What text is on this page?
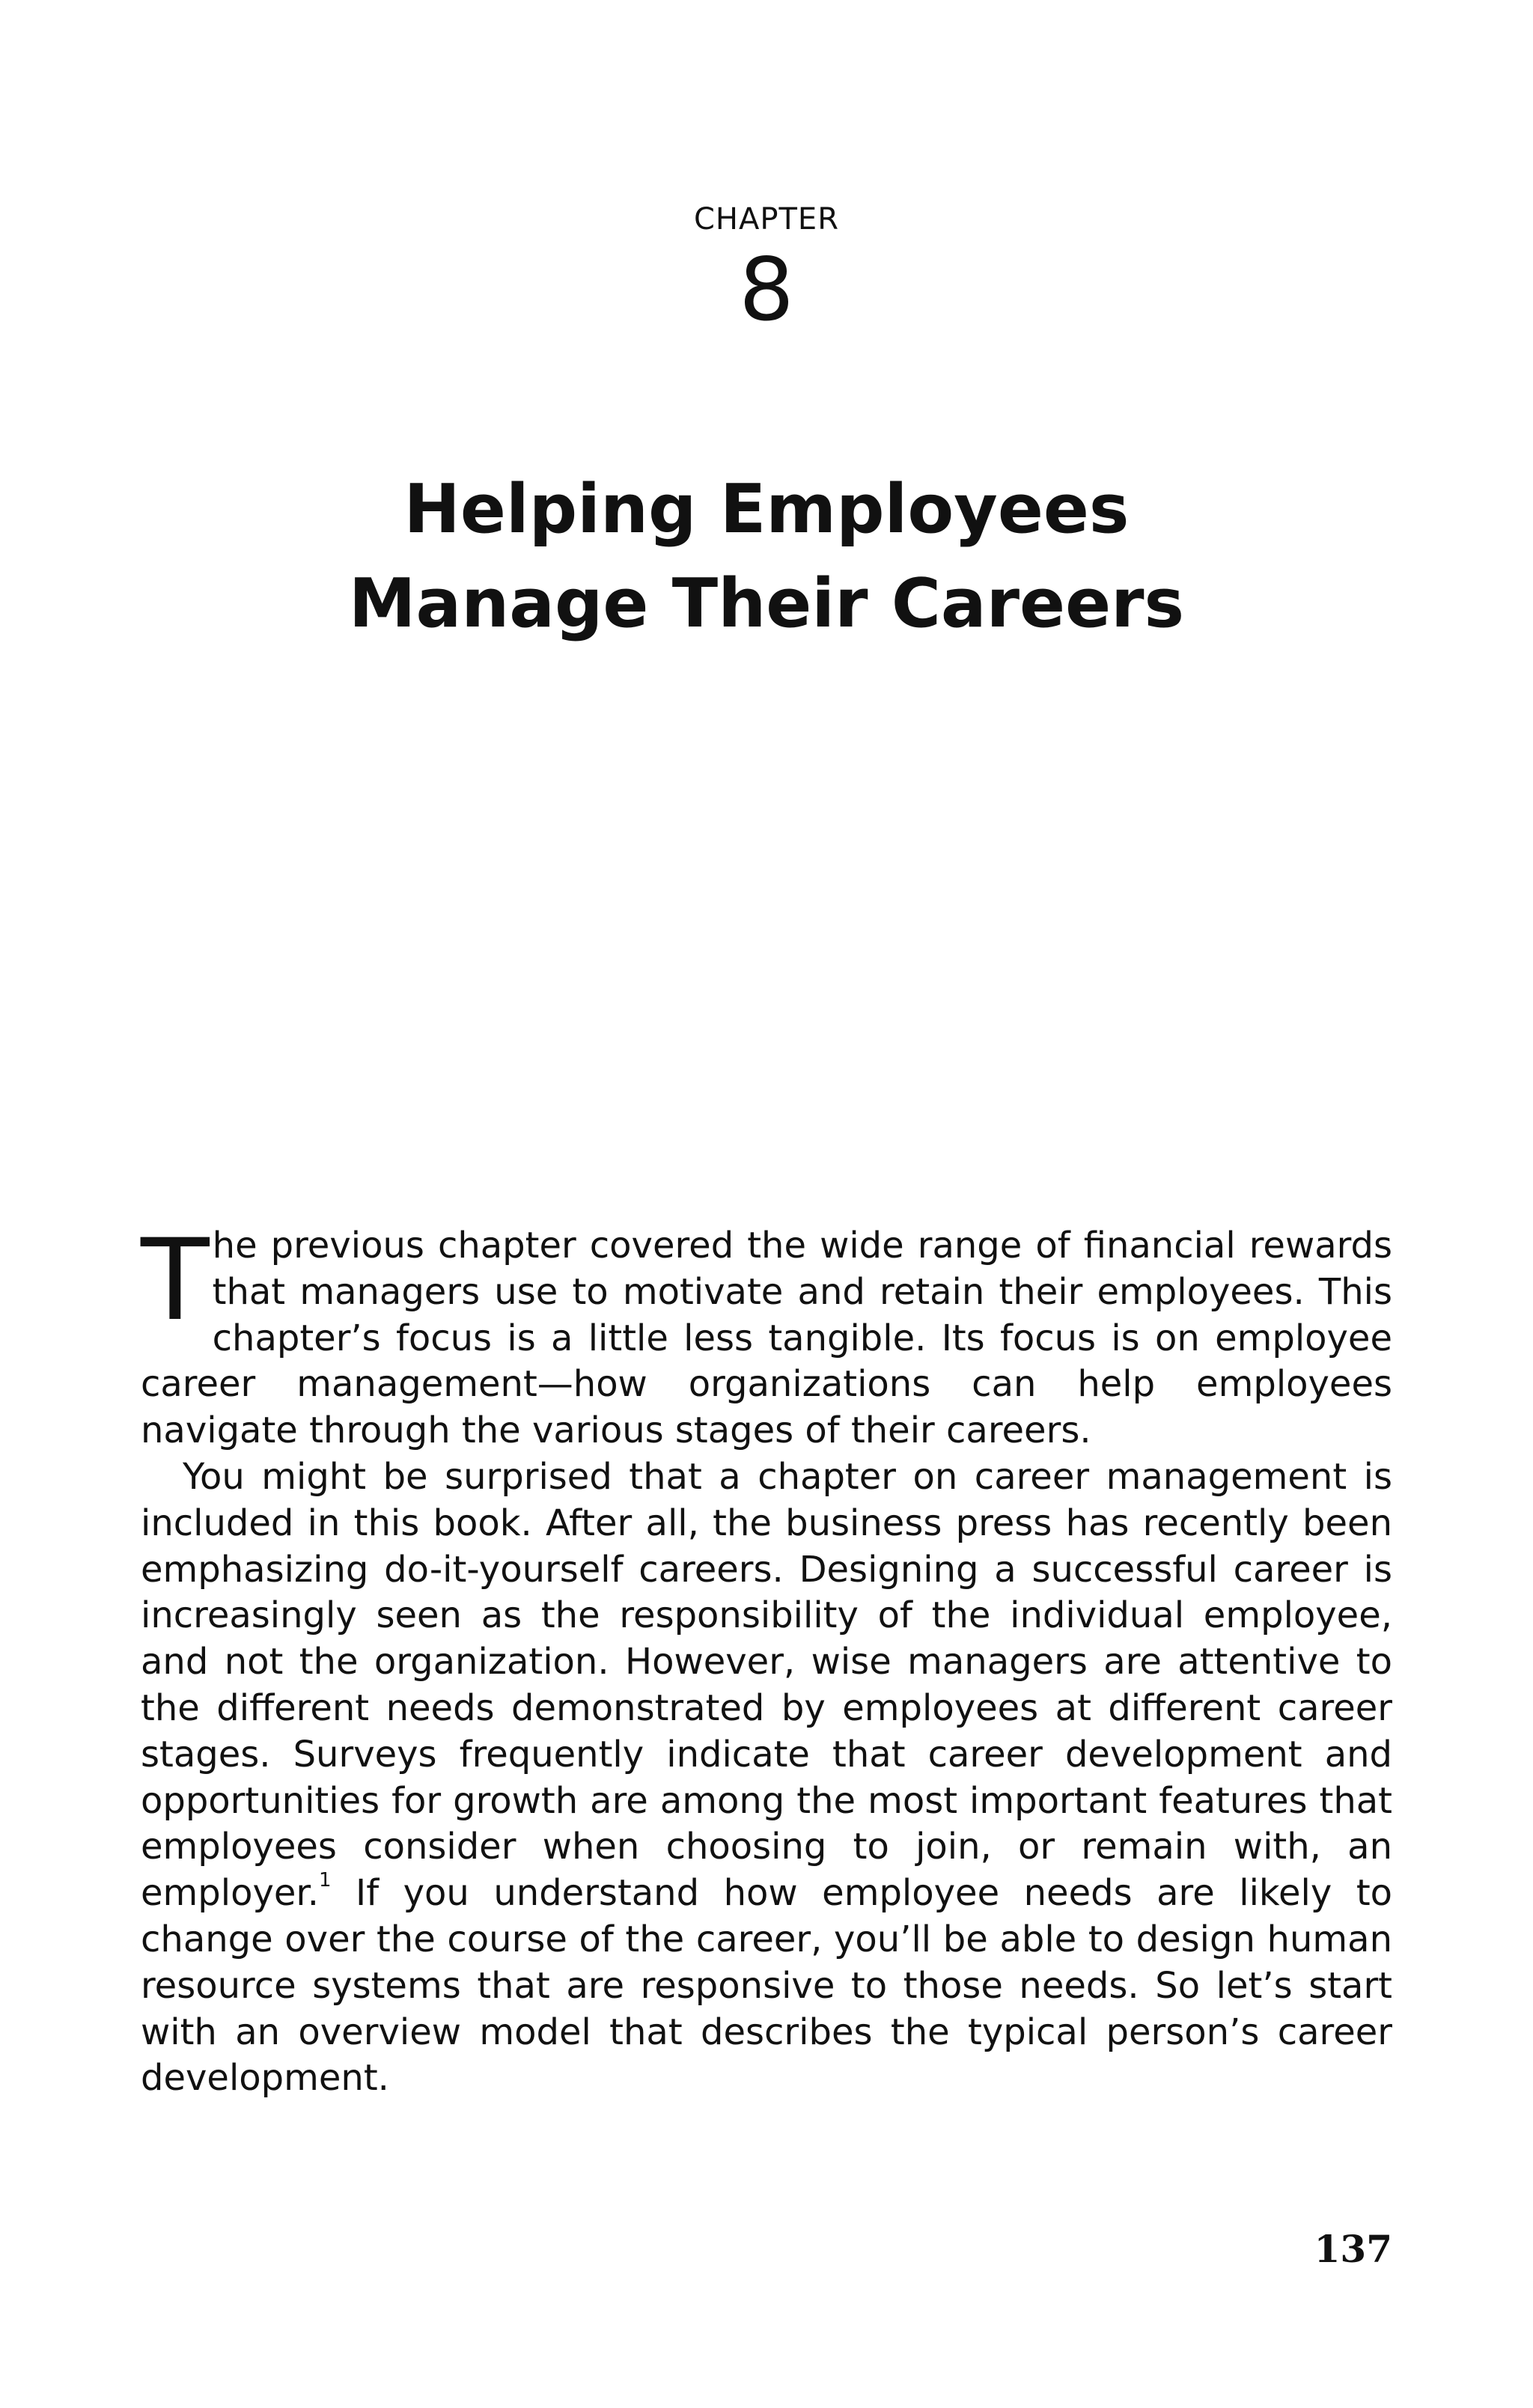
CHAPTER
8
Helping Employees
Manage Their Careers

The previous chapter covered the wide range of financial rewards that managers use to motivate and retain their employees. This chapter’s focus is a little less tangible. Its focus is on employee career management—how organizations can help employees navigate through the various stages of their careers.

You might be surprised that a chapter on career management is included in this book. After all, the business press has recently been emphasizing do-it-yourself careers. Designing a successful career is increasingly seen as the responsibility of the individual employee, and not the organization. However, wise managers are attentive to the different needs demonstrated by employees at different career stages. Surveys frequently indicate that career development and opportunities for growth are among the most important features that employees consider when choosing to join, or remain with, an employer.$^1$ If you understand how employee needs are likely to change over the course of the career, you’ll be able to design human resource systems that are responsive to those needs. So let’s start with an overview model that describes the typical person’s career development.

137
